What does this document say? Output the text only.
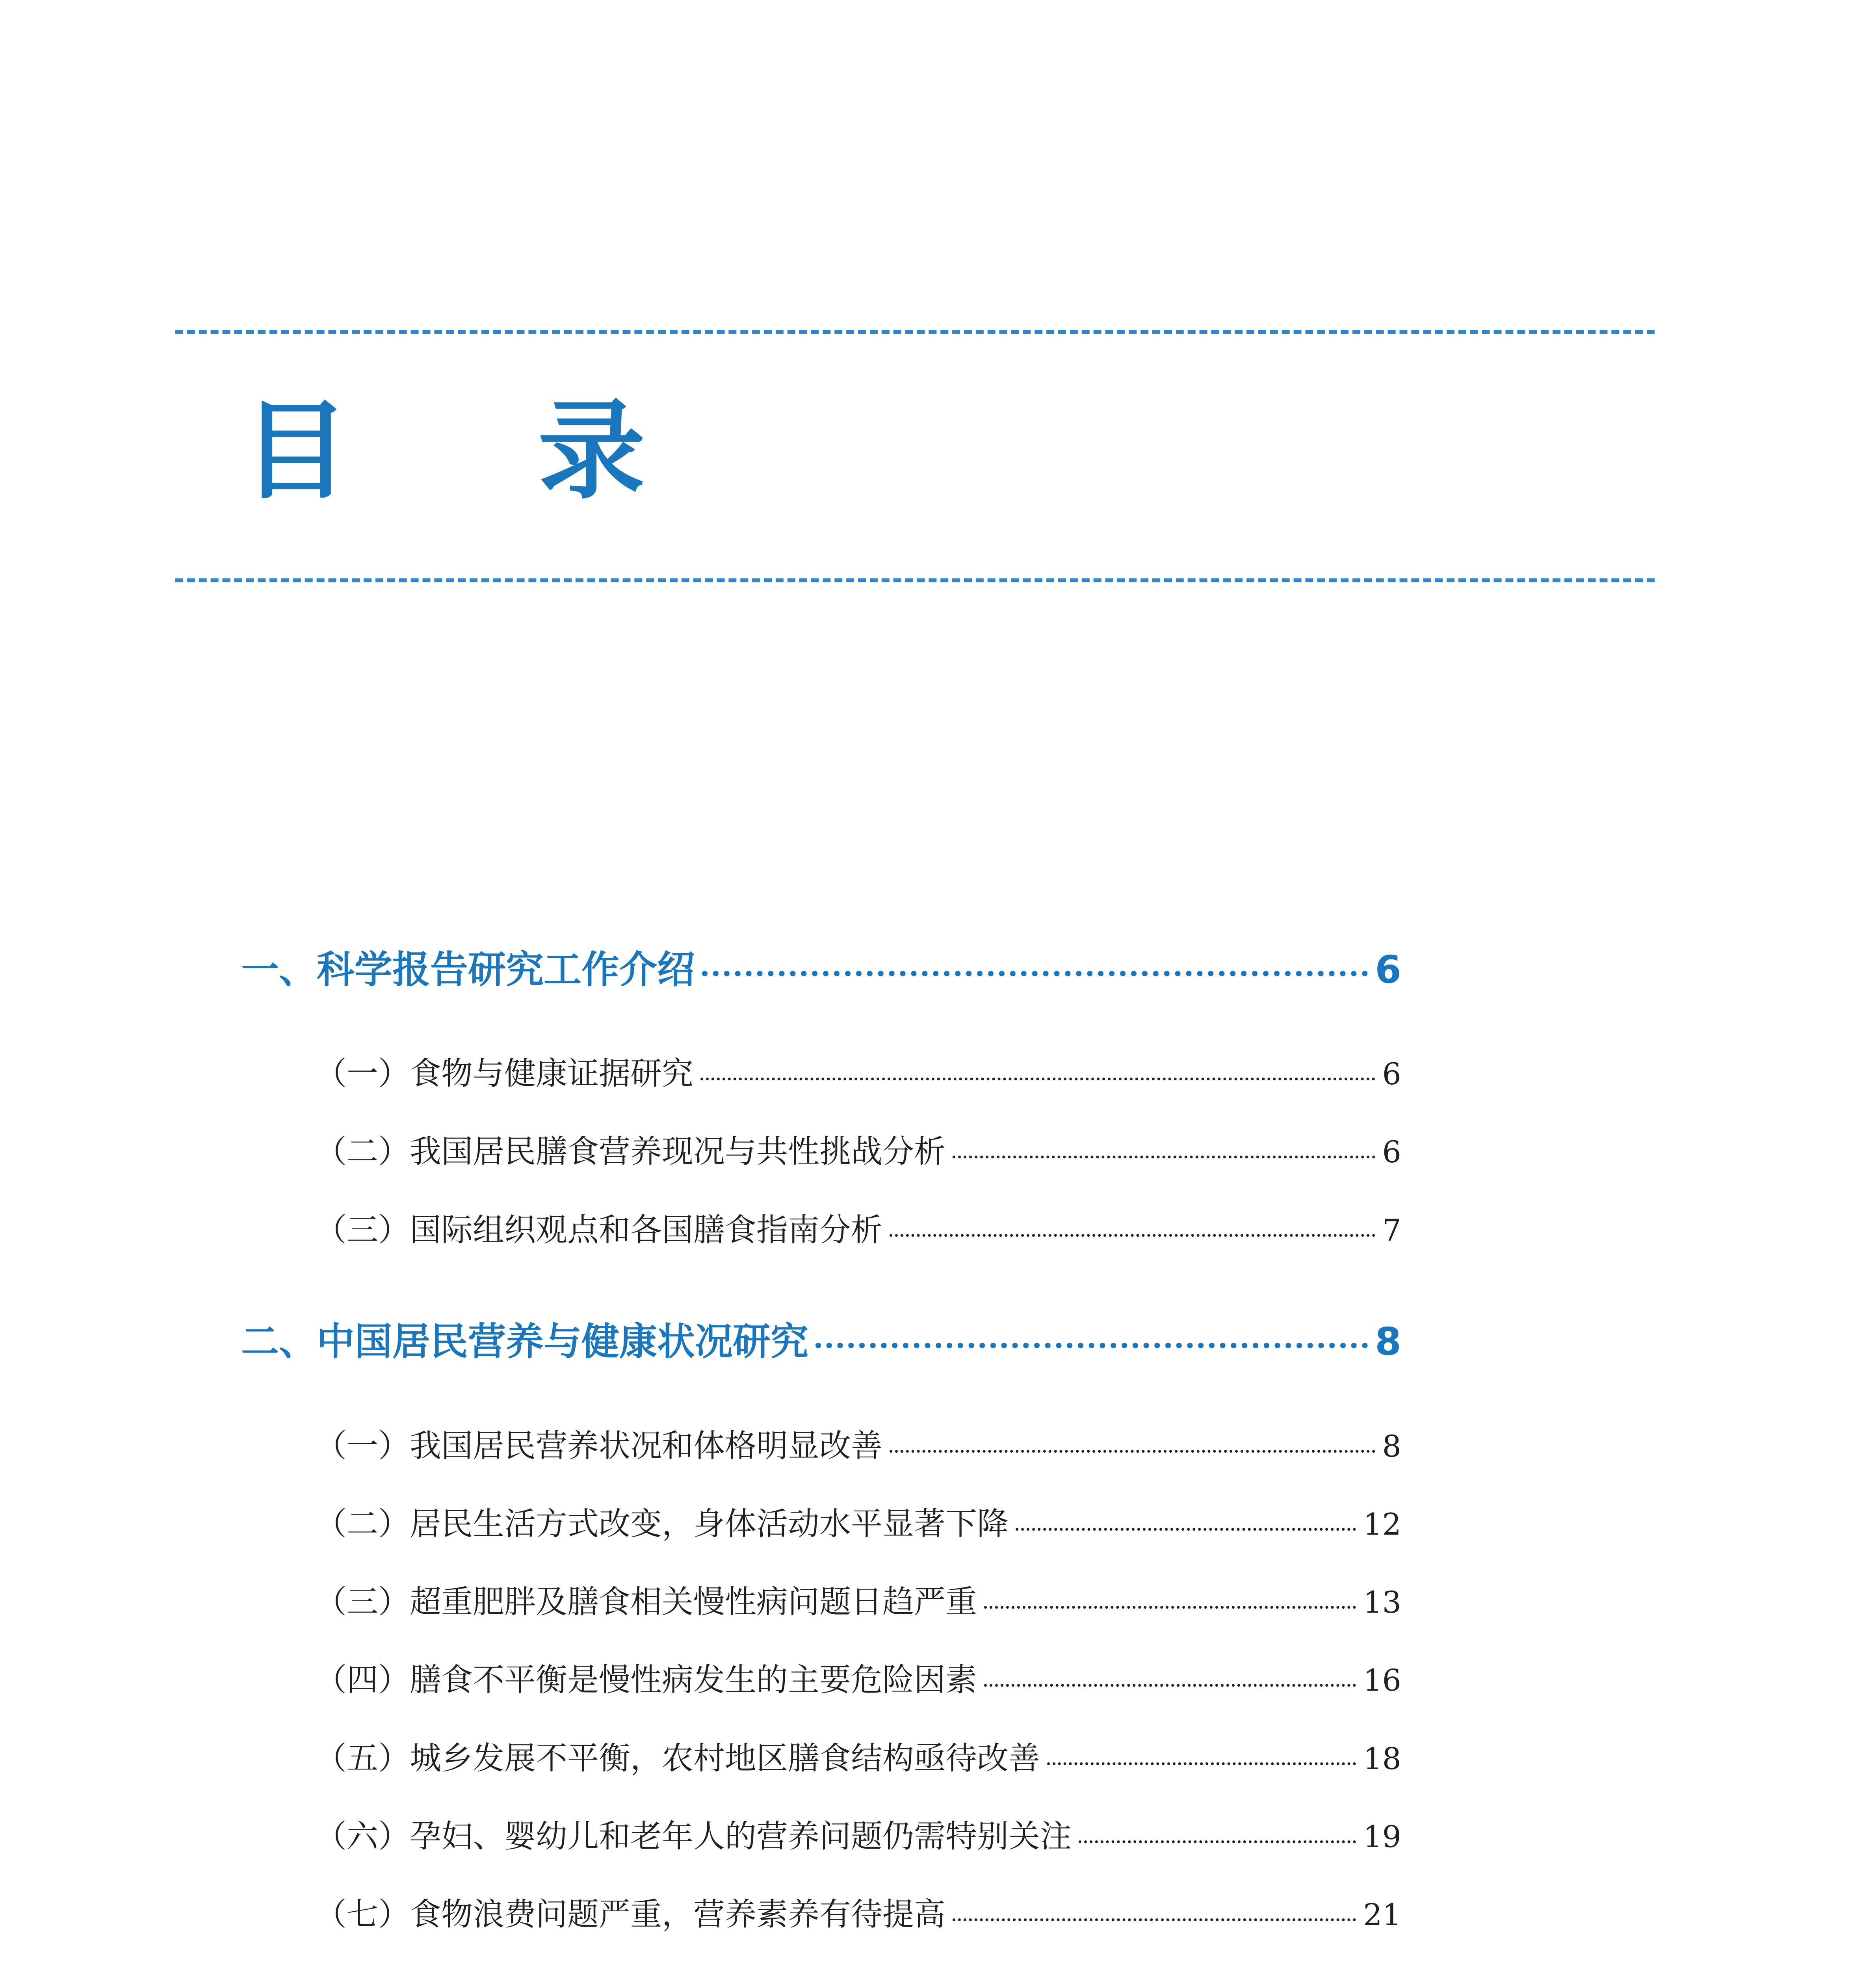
目 录
一、科学报告研究工作介绍	6
（一）食物与健康证据研究	6
（二）我国居民膳食营养现况与共性挑战分析	6
（三）国际组织观点和各国膳食指南分析	7
二、中国居民营养与健康状况研究	8
（一）我国居民营养状况和体格明显改善	8
（二）居民生活方式改变，身体活动水平显著下降	12
（三）超重肥胖及膳食相关慢性病问题日趋严重	13
（四）膳食不平衡是慢性病发生的主要危险因素	16
（五）城乡发展不平衡，农村地区膳食结构亟待改善	18
（六）孕妇、婴幼儿和老年人的营养问题仍需特别关注	19
（七）食物浪费问题严重，营养素养有待提高	21
